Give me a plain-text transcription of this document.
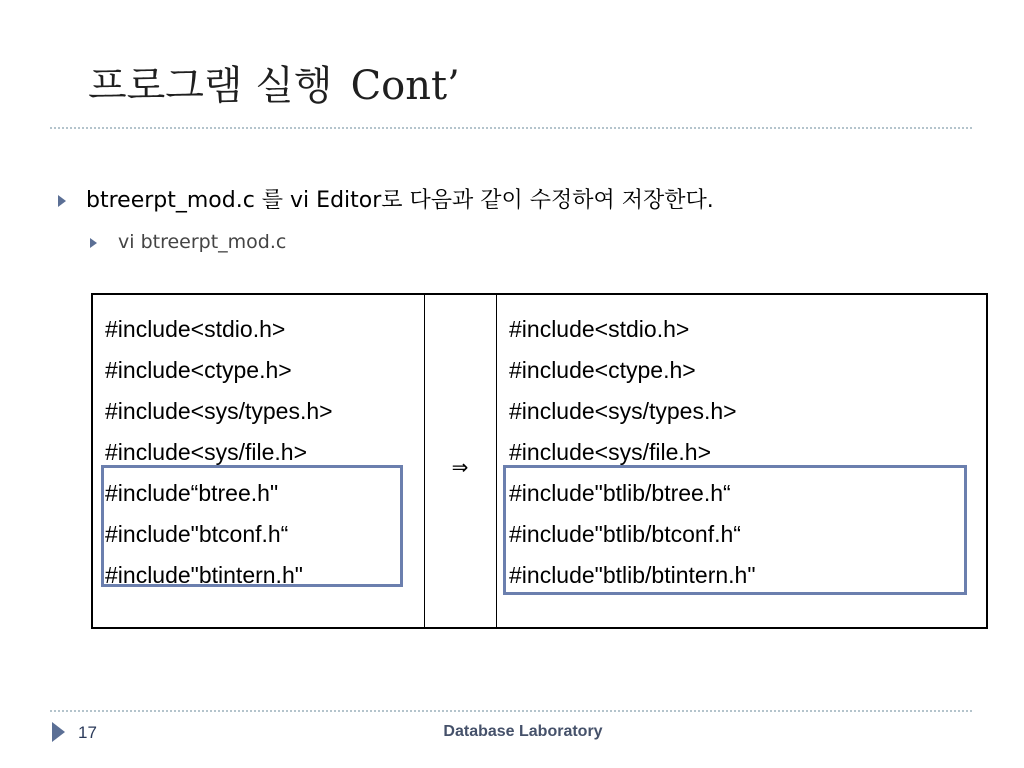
프로그램 실행 Cont’
btreerpt_mod.c 를 vi Editor로 다음과 같이 수정하여 저장한다.
vi btreerpt_mod.c
#include<stdio.h>
#include<ctype.h>
#include<sys/types.h>
#include<sys/file.h>
#include“btree.h"
#include"btconf.h“
#include"btintern.h"
⇒
#include<stdio.h>
#include<ctype.h>
#include<sys/types.h>
#include<sys/file.h>
#include"btlib/btree.h“
#include"btlib/btconf.h“
#include"btlib/btintern.h"
17	Database Laboratory
